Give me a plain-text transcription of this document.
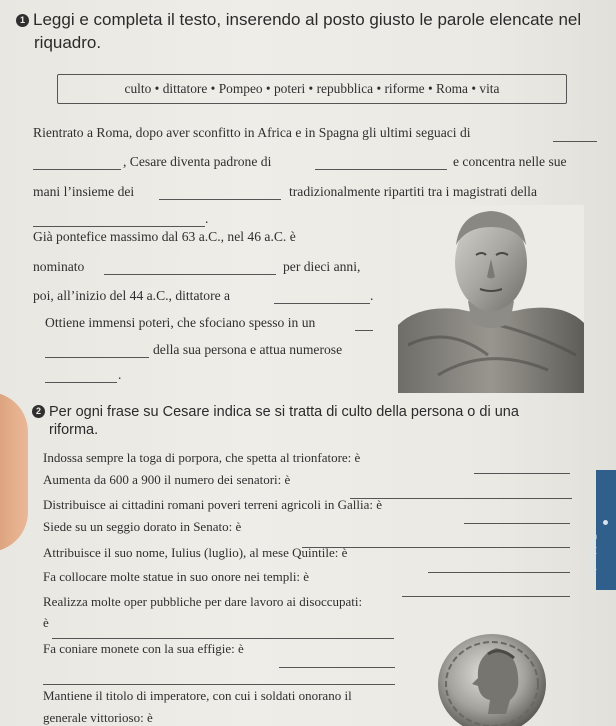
1 Leggi e completa il testo, inserendo al posto giusto le parole elencate nel
riquadro.
culto • dittatore • Pompeo • poteri • repubblica • riforme • Roma • vita
Rientrato a Roma, dopo aver sconfitto in Africa e in Spagna gli ultimi seguaci di
, Cesare diventa padrone di	e concentra nelle sue
mani l’insieme dei	tradizionalmente ripartiti tra i magistrati della
.
Già pontefice massimo dal 63 a.C., nel 46 a.C. è
nominato	per dieci anni,
poi, all’inizio del 44 a.C., dittatore a	.
Ottiene immensi poteri, che sfociano spesso in un
della sua persona e attua numerose
.
2 Per ogni frase su Cesare indica se si tratta di culto della persona o di una
riforma.
Indossa sempre la toga di porpora, che spetta al trionfatore: è
Aumenta da 600 a 900 il numero dei senatori: è
Distribuisce ai cittadini romani poveri terreni agricoli in Gallia: è
Siede su un seggio dorato in Senato: è
Attribuisce il suo nome, Iulius (luglio), al mese Quintile: è
Fa collocare molte statue in suo onore nei templi: è
Realizza molte oper pubbliche per dare lavoro ai disoccupati:
è
Fa coniare monete con la sua effigie: è
Mantiene il titolo di imperatore, con cui i soldati onorano il
generale vittorioso: è
Febbraio
